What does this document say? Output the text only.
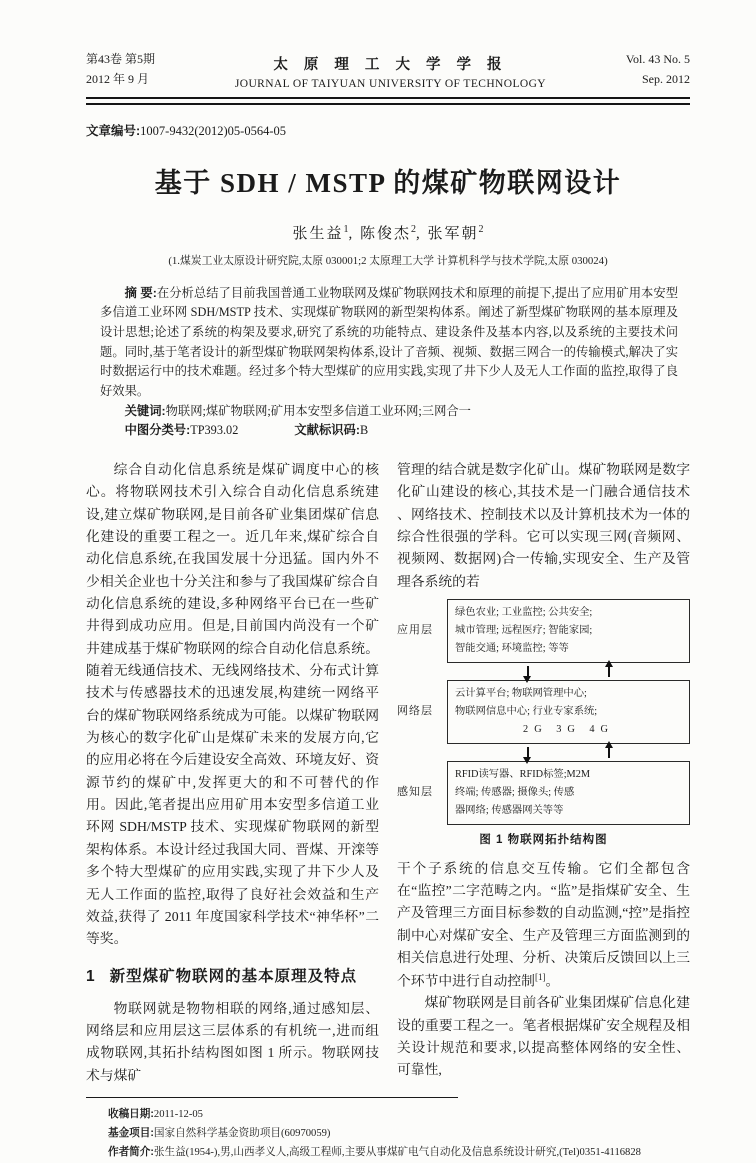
第43卷 第5期
2012 年 9 月
太 原 理 工 大 学 学 报
JOURNAL OF TAIYUAN UNIVERSITY OF TECHNOLOGY
Vol. 43 No. 5
Sep. 2012
文章编号:1007-9432(2012)05-0564-05
基于 SDH / MSTP 的煤矿物联网设计
张生益$^1$, 陈俊杰$^2$, 张军朝$^2$
(1.煤炭工业太原设计研究院,太原 030001;2 太原理工大学 计算机科学与技术学院,太原 030024)

摘 要:在分析总结了目前我国普通工业物联网及煤矿物联网技术和原理的前提下,提出了应用矿用本安型多信道工业环网 SDH/MSTP 技术、实现煤矿物联网的新型架构体系。阐述了新型煤矿物联网的基本原理及设计思想;论述了系统的构架及要求,研究了系统的功能特点、建设条件及基本内容,以及系统的主要技术问题。同时,基于笔者设计的新型煤矿物联网架构体系,设计了音频、视频、数据三网合一的传输模式,解决了实时数据运行中的技术难题。经过多个特大型煤矿的应用实践,实现了井下少人及无人工作面的监控,取得了良好效果。

关键词:物联网;煤矿物联网;矿用本安型多信道工业环网;三网合一

中图分类号:TP393.02	文献标识码:B

综合自动化信息系统是煤矿调度中心的核心。将物联网技术引入综合自动化信息系统建设,建立煤矿物联网,是目前各矿业集团煤矿信息化建设的重要工程之一。近几年来,煤矿综合自动化信息系统,在我国发展十分迅猛。国内外不少相关企业也十分关注和参与了我国煤矿综合自动化信息系统的建设,多种网络平台已在一些矿井得到成功应用。但是,目前国内尚没有一个矿井建成基于煤矿物联网的综合自动化信息系统。随着无线通信技术、无线网络技术、分布式计算技术与传感器技术的迅速发展,构建统一网络平台的煤矿物联网络系统成为可能。以煤矿物联网为核心的数字化矿山是煤矿未来的发展方向,它的应用必将在今后建设安全高效、环境友好、资源节约的煤矿中,发挥更大的和不可替代的作用。因此,笔者提出应用矿用本安型多信道工业环网 SDH/MSTP 技术、实现煤矿物联网的新型架构体系。本设计经过我国大同、晋煤、开滦等多个特大型煤矿的应用实践,实现了井下少人及无人工作面的监控,取得了良好社会效益和生产效益,获得了 2011 年度国家科学技术“神华杯”二等奖。

1 新型煤矿物联网的基本原理及特点

物联网就是物物相联的网络,通过感知层、网络层和应用层这三层体系的有机统一,进而组成物联网,其拓扑结构图如图 1 所示。物联网技术与煤矿

管理的结合就是数字化矿山。煤矿物联网是数字化矿山建设的核心,其技术是一门融合通信技术 、网络技术、控制技术以及计算机技术为一体的综合性很强的学科。它可以实现三网(音频网、视频网、数据网)合一传输,实现安全、生产及管理各系统的若

应用层
绿色农业; 工业监控; 公共安全;
城市管理; 远程医疗; 智能家园;
智能交通; 环境监控; 等等
网络层
云计算平台; 物联网管理中心;
物联网信息中心; 行业专家系统;
2G 3G 4G
感知层
RFID读写器、RFID标签;M2M
终端; 传感器; 摄像头; 传感
器网络; 传感器网关等等
图 1 物联网拓扑结构图

干个子系统的信息交互传输。它们全都包含在“监控”二字范畴之内。“监”是指煤矿安全、生产及管理三方面目标参数的自动监测,“控”是指控制中心对煤矿安全、生产及管理三方面监测到的相关信息进行处理、分析、决策后反馈回以上三个环节中进行自动控制[1]。

煤矿物联网是目前各矿业集团煤矿信息化建设的重要工程之一。笔者根据煤矿安全规程及相关设计规范和要求,以提高整体网络的安全性、可靠性,

收稿日期:2011-12-05
基金项目:国家自然科学基金资助项目(60970059)
作者简介:张生益(1954-),男,山西孝义人,高级工程师,主要从事煤矿电气自动化及信息系统设计研究,(Tel)0351-4116828
